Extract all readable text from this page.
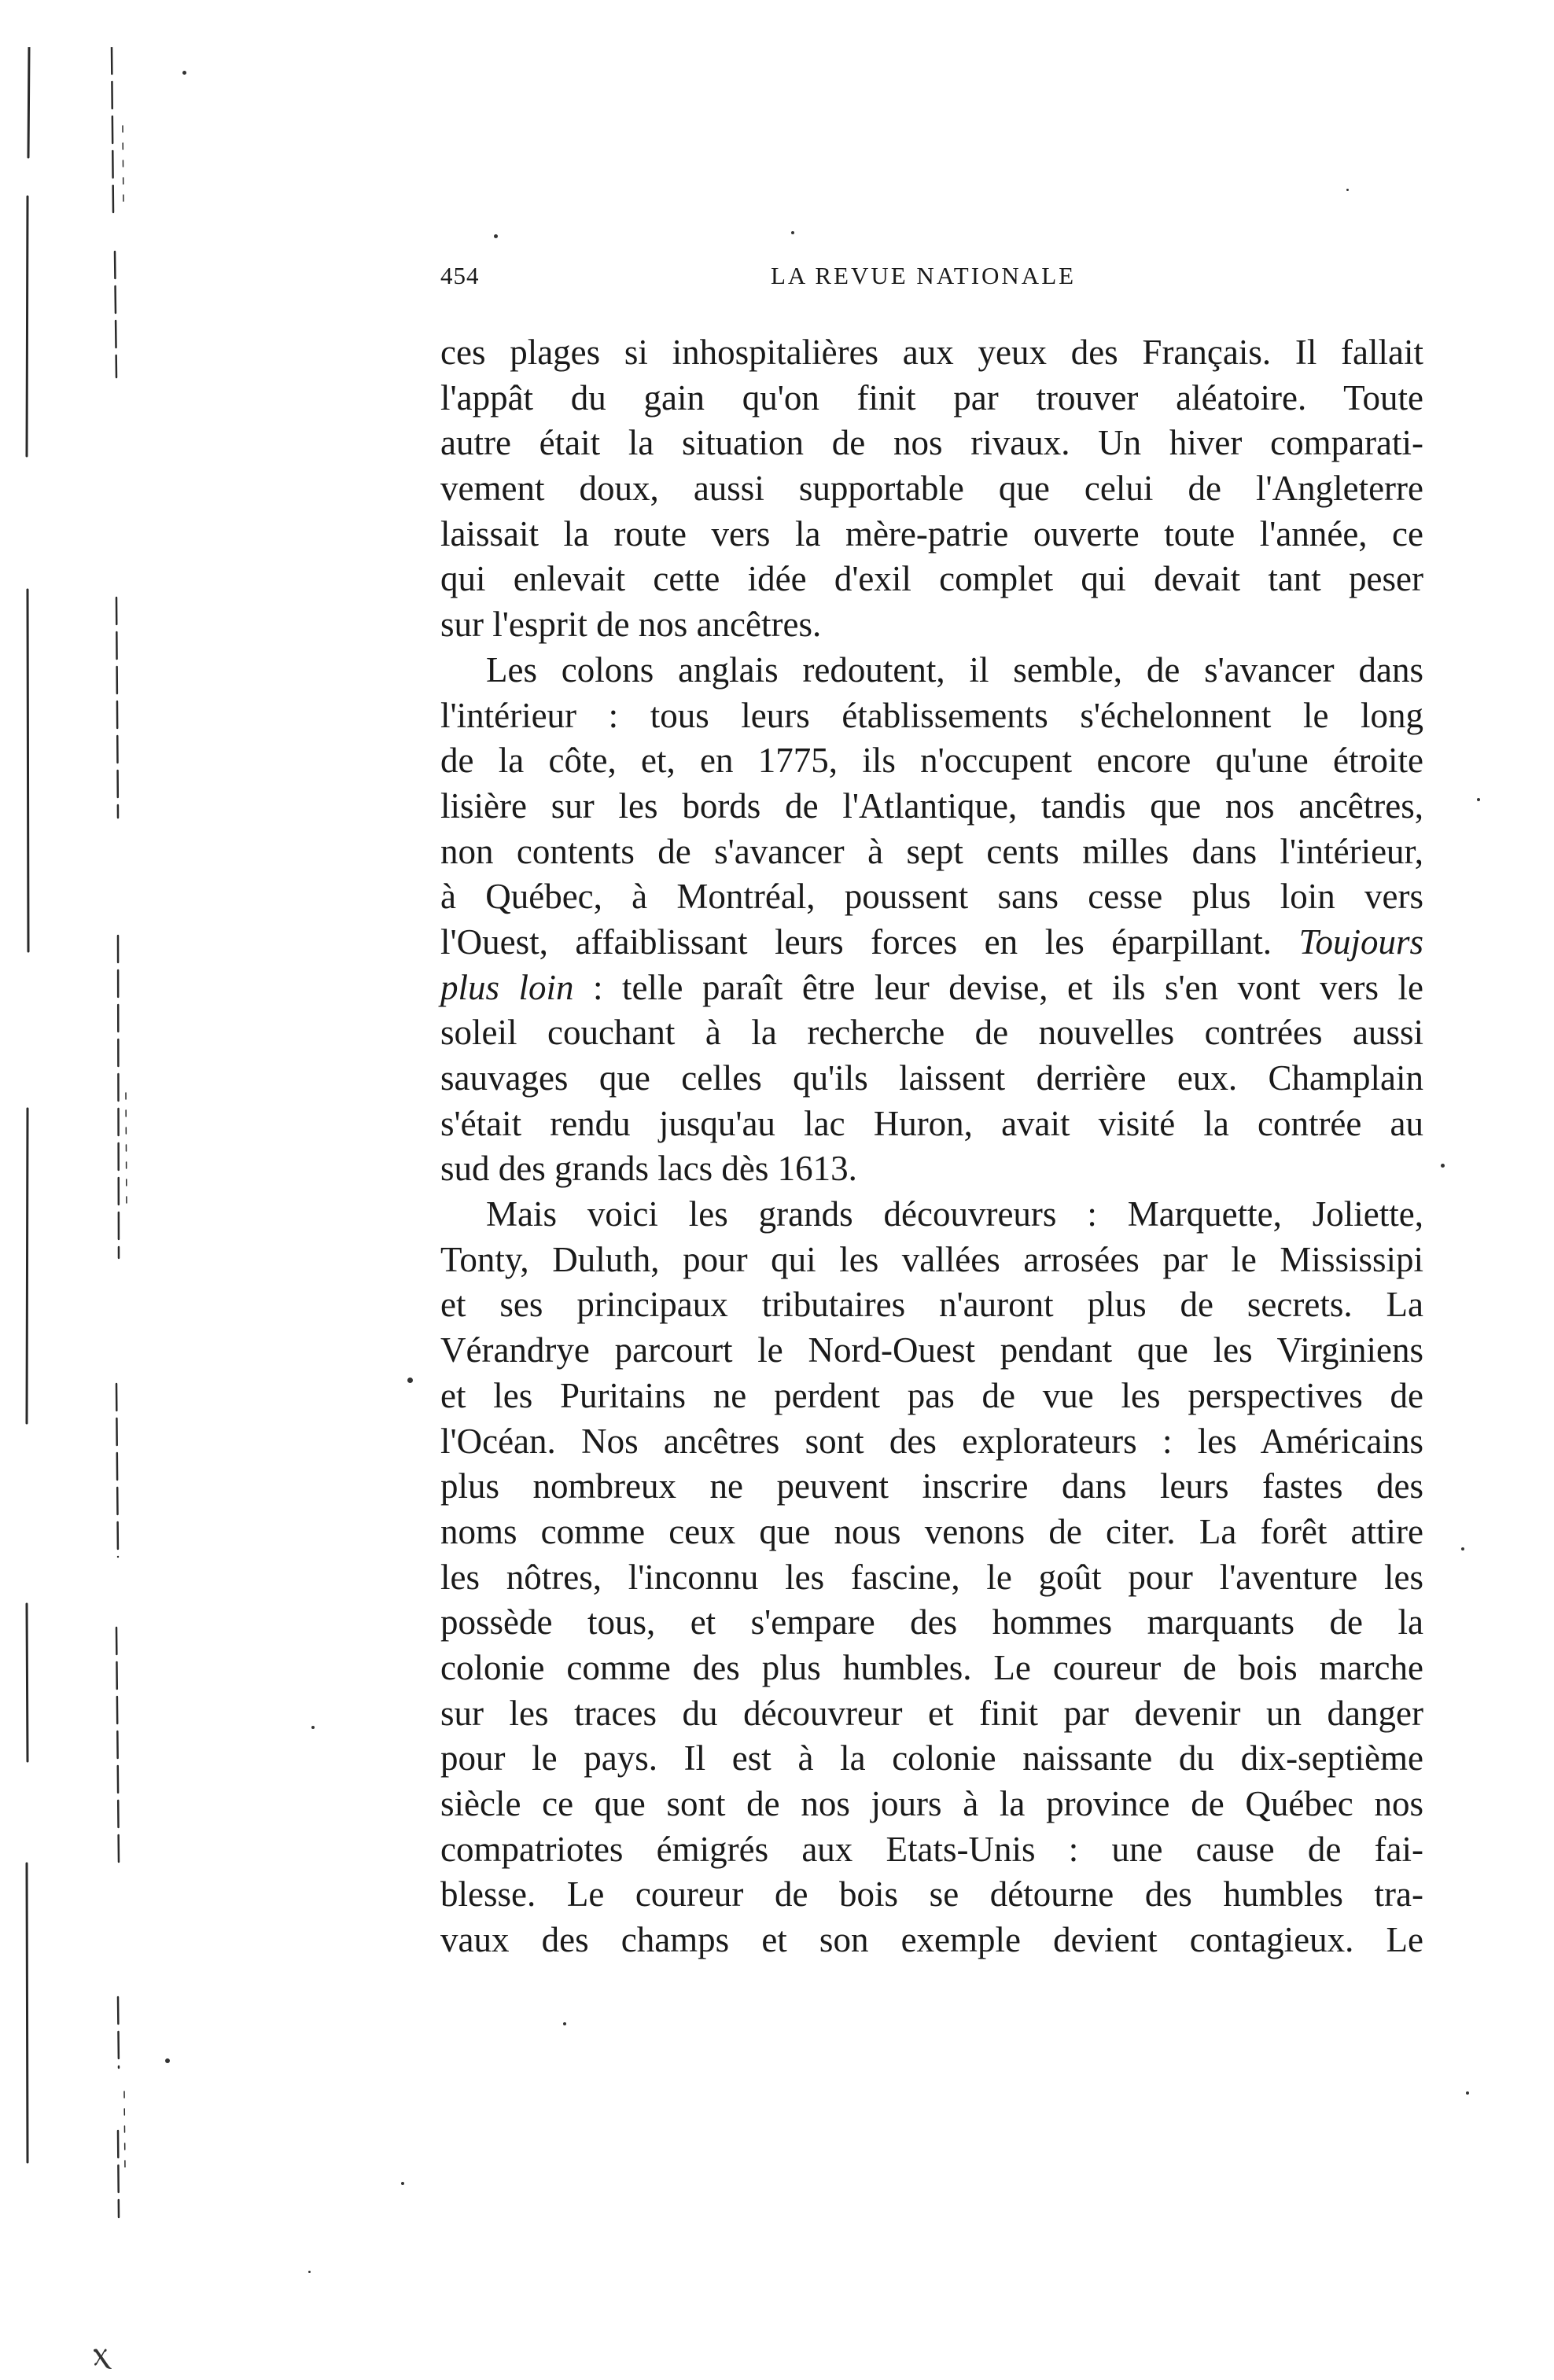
454	LA REVUE NATIONALE
ces plages si inhospitalières aux yeux des Français. Il fallait
l'appât du gain qu'on finit par trouver aléatoire. Toute
autre était la situation de nos rivaux. Un hiver comparati-
vement doux, aussi supportable que celui de l'Angleterre
laissait la route vers la mère-patrie ouverte toute l'année, ce
qui enlevait cette idée d'exil complet qui devait tant peser
sur l'esprit de nos ancêtres.
Les colons anglais redoutent, il semble, de s'avancer dans
l'intérieur : tous leurs établissements s'échelonnent le long
de la côte, et, en 1775, ils n'occupent encore qu'une étroite
lisière sur les bords de l'Atlantique, tandis que nos ancêtres,
non contents de s'avancer à sept cents milles dans l'intérieur,
à Québec, à Montréal, poussent sans cesse plus loin vers
l'Ouest, affaiblissant leurs forces en les éparpillant. Toujours
plus loin : telle paraît être leur devise, et ils s'en vont vers le
soleil couchant à la recherche de nouvelles contrées aussi
sauvages que celles qu'ils laissent derrière eux. Champlain
s'était rendu jusqu'au lac Huron, avait visité la contrée au
sud des grands lacs dès 1613.
Mais voici les grands découvreurs : Marquette, Joliette,
Tonty, Duluth, pour qui les vallées arrosées par le Mississipi
et ses principaux tributaires n'auront plus de secrets. La
Vérandrye parcourt le Nord-Ouest pendant que les Virginiens
et les Puritains ne perdent pas de vue les perspectives de
l'Océan. Nos ancêtres sont des explorateurs : les Américains
plus nombreux ne peuvent inscrire dans leurs fastes des
noms comme ceux que nous venons de citer. La forêt attire
les nôtres, l'inconnu les fascine, le goût pour l'aventure les
possède tous, et s'empare des hommes marquants de la
colonie comme des plus humbles. Le coureur de bois marche
sur les traces du découvreur et finit par devenir un danger
pour le pays. Il est à la colonie naissante du dix-septième
siècle ce que sont de nos jours à la province de Québec nos
compatriotes émigrés aux Etats-Unis : une cause de fai-
blesse. Le coureur de bois se détourne des humbles tra-
vaux des champs et son exemple devient contagieux. Le
ⲭ
